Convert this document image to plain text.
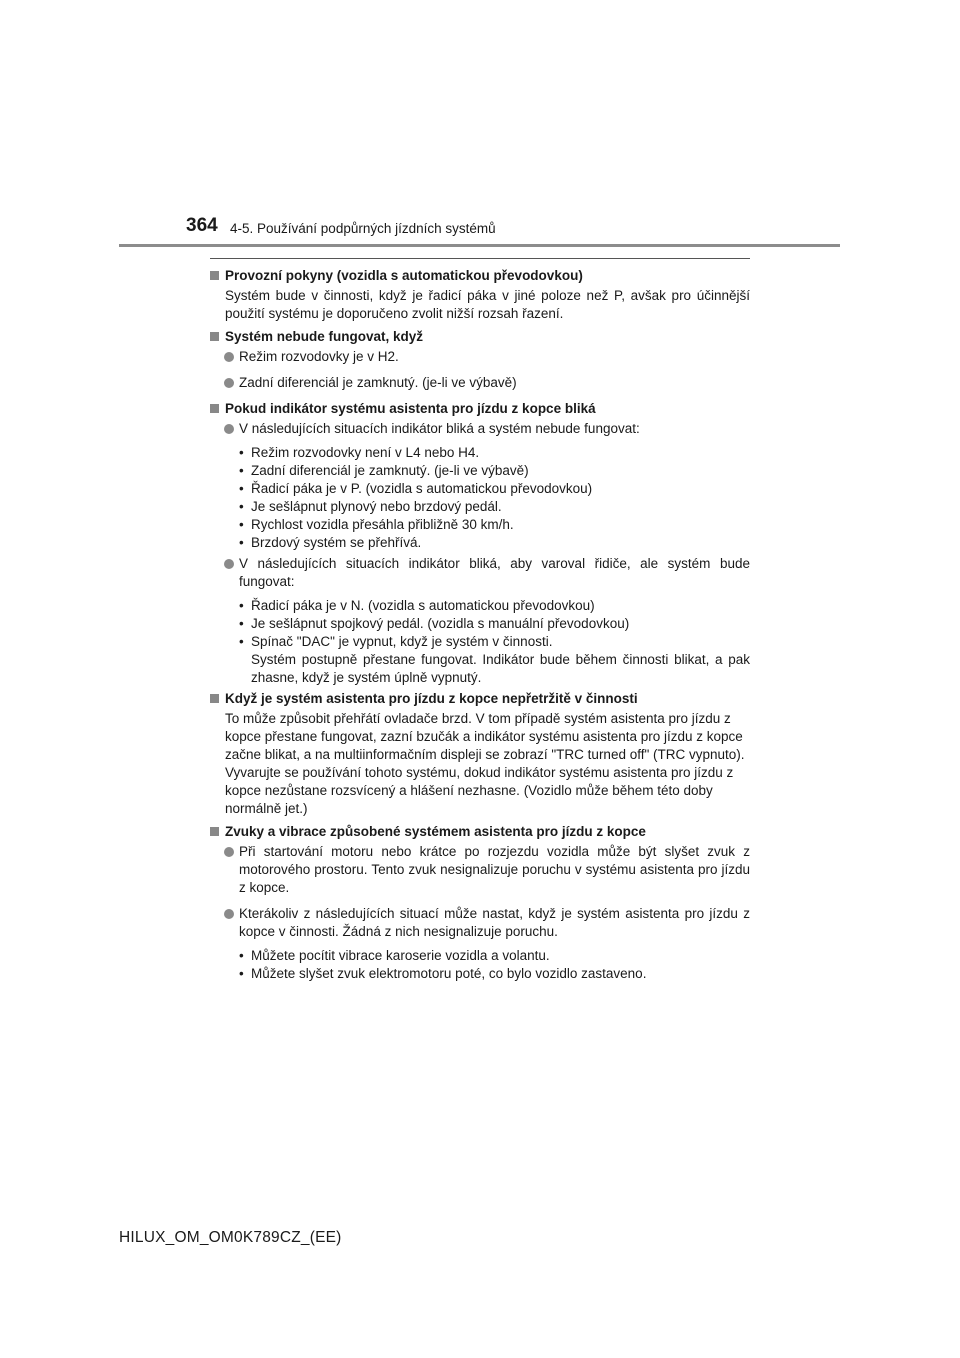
364 4-5. Používání podpůrných jízdních systémů
Provozní pokyny (vozidla s automatickou převodovkou)
Systém bude v činnosti, když je řadicí páka v jiné poloze než P, avšak pro účinnější použití systému je doporučeno zvolit nižší rozsah řazení.
Systém nebude fungovat, když
Režim rozvodovky je v H2.
Zadní diferenciál je zamknutý. (je-li ve výbavě)
Pokud indikátor systému asistenta pro jízdu z kopce bliká
V následujících situacích indikátor bliká a systém nebude fungovat:
• Režim rozvodovky není v L4 nebo H4.
• Zadní diferenciál je zamknutý. (je-li ve výbavě)
• Řadicí páka je v P. (vozidla s automatickou převodovkou)
• Je sešlápnut plynový nebo brzdový pedál.
• Rychlost vozidla přesáhla přibližně 30 km/h.
• Brzdový systém se přehřívá.
V následujících situacích indikátor bliká, aby varoval řidiče, ale systém bude fungovat:
• Řadicí páka je v N. (vozidla s automatickou převodovkou)
• Je sešlápnut spojkový pedál. (vozidla s manuální převodovkou)
• Spínač "DAC" je vypnut, když je systém v činnosti.
Systém postupně přestane fungovat. Indikátor bude během činnosti blikat, a pak zhasne, když je systém úplně vypnutý.
Když je systém asistenta pro jízdu z kopce nepřetržitě v činnosti
To může způsobit přehřátí ovladače brzd. V tom případě systém asistenta pro jízdu z kopce přestane fungovat, zazní bzučák a indikátor systému asistenta pro jízdu z kopce začne blikat, a na multiinformačním displeji se zobrazí "TRC turned off" (TRC vypnuto). Vyvarujte se používání tohoto systému, dokud indikátor systému asistenta pro jízdu z kopce nezůstane rozsvícený a hlášení nezhasne. (Vozidlo může během této doby normálně jet.)
Zvuky a vibrace způsobené systémem asistenta pro jízdu z kopce
Při startování motoru nebo krátce po rozjezdu vozidla může být slyšet zvuk z motorového prostoru. Tento zvuk nesignalizuje poruchu v systému asistenta pro jízdu z kopce.
Kterákoliv z následujících situací může nastat, když je systém asistenta pro jízdu z kopce v činnosti. Žádná z nich nesignalizuje poruchu.
• Můžete pocítit vibrace karoserie vozidla a volantu.
• Můžete slyšet zvuk elektromotoru poté, co bylo vozidlo zastaveno.
HILUX_OM_OM0K789CZ_(EE)
